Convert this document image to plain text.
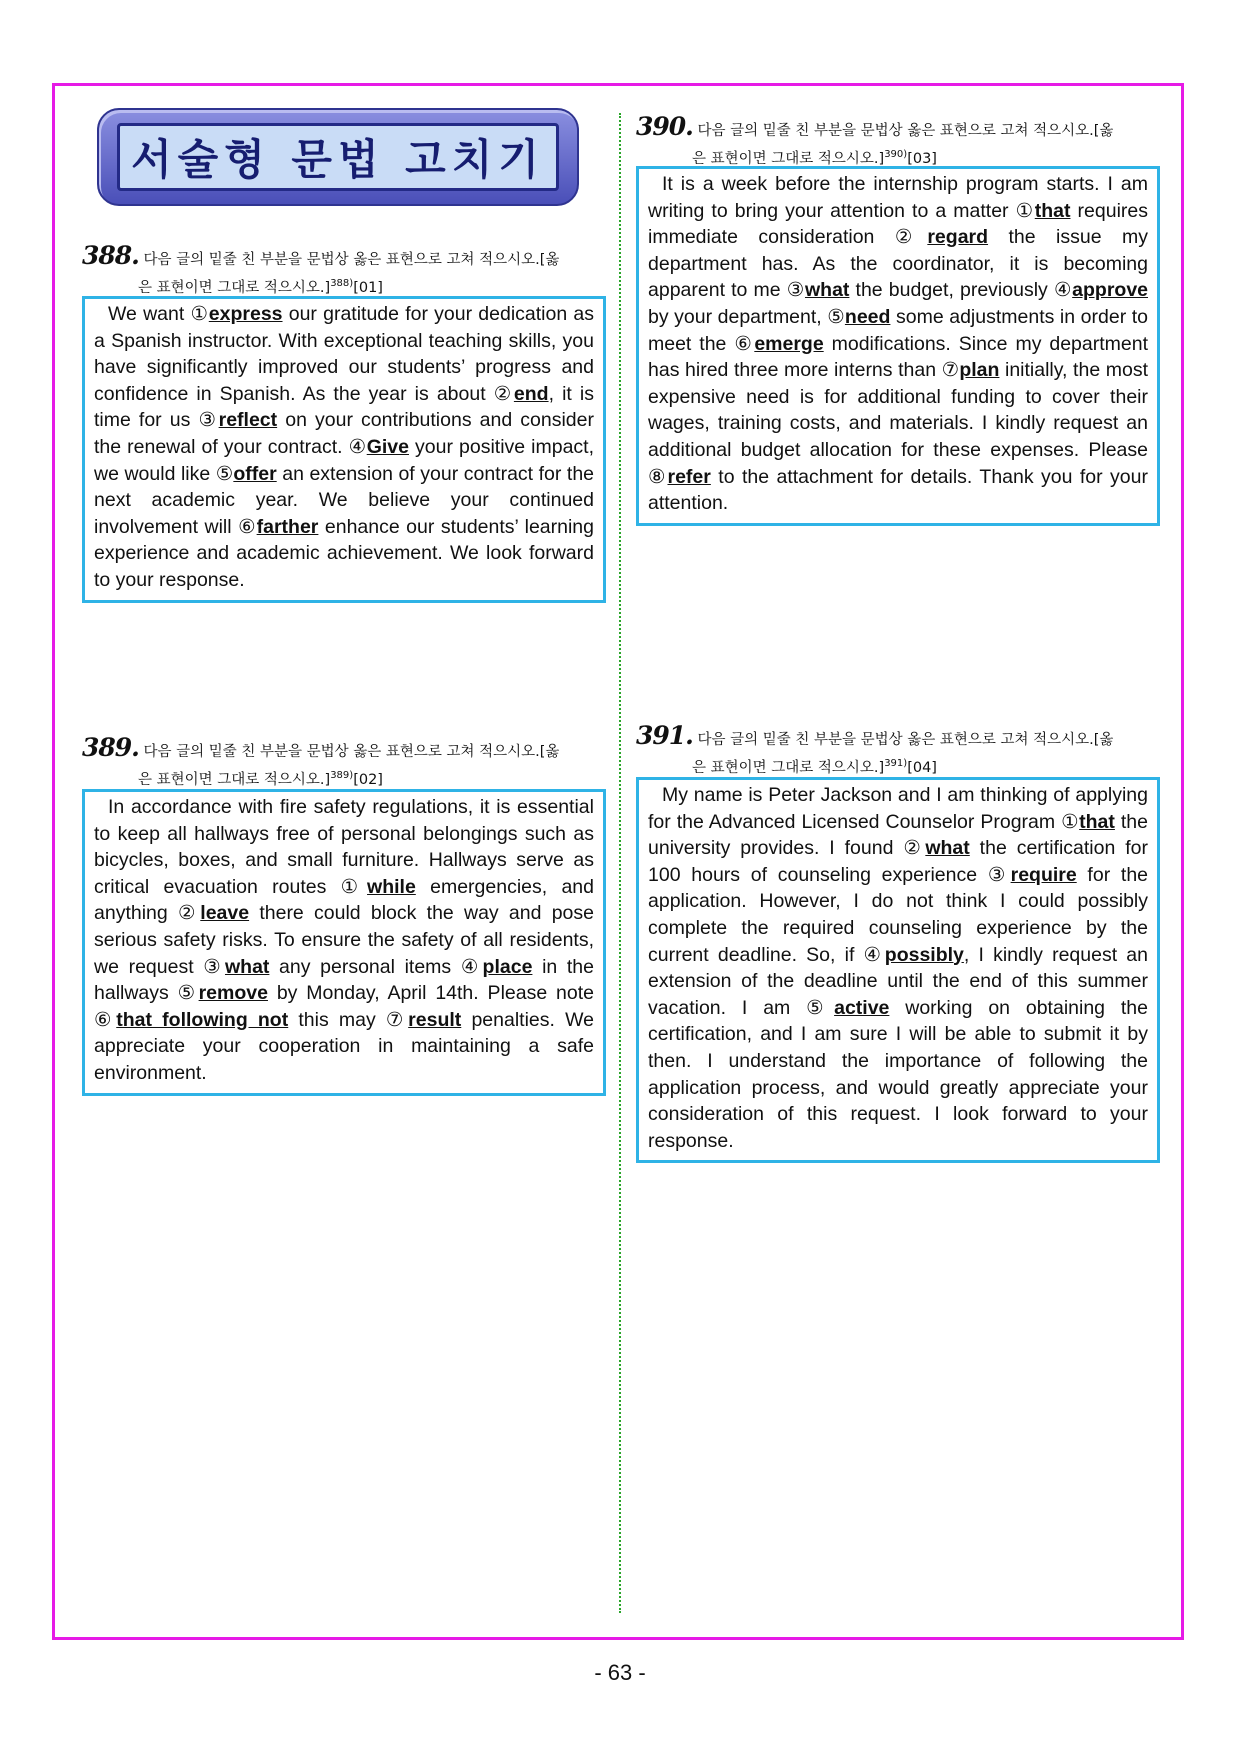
서술형 문법 고치기
388. 다음 글의 밑줄 친 부분을 문법상 옳은 표현으로 고쳐 적으시오.[옳
은 표현이면 그대로 적으시오.]$^{388)}$[01]
We want ①express our gratitude for your dedication as a Spanish instructor. With exceptional teaching skills, you have significantly improved our students’ progress and confidence in Spanish. As the year is about ②end, it is time for us ③reflect on your contributions and consider the renewal of your contract. ④Give your positive impact, we would like ⑤offer an extension of your contract for the next academic year. We believe your continued involvement will ⑥farther enhance our students’ learning experience and academic achievement. We look forward to your response.
389. 다음 글의 밑줄 친 부분을 문법상 옳은 표현으로 고쳐 적으시오.[옳
은 표현이면 그대로 적으시오.]$^{389)}$[02]
In accordance with fire safety regulations, it is essential to keep all hallways free of personal belongings such as bicycles, boxes, and small furniture. Hallways serve as critical evacuation routes ①while emergencies, and anything ②leave there could block the way and pose serious safety risks. To ensure the safety of all residents, we request ③what any personal items ④place in the hallways ⑤remove by Monday, April 14th. Please note ⑥that following not this may ⑦result penalties. We appreciate your cooperation in maintaining a safe environment.
390. 다음 글의 밑줄 친 부분을 문법상 옳은 표현으로 고쳐 적으시오.[옳
은 표현이면 그대로 적으시오.]$^{390)}$[03]
It is a week before the internship program starts. I am writing to bring your attention to a matter ①that requires immediate consideration ②regard the issue my department has. As the coordinator, it is becoming apparent to me ③what the budget, previously ④approve by your department, ⑤need some adjustments in order to meet the ⑥emerge modifications. Since my department has hired three more interns than ⑦plan initially, the most expensive need is for additional funding to cover their wages, training costs, and materials. I kindly request an additional budget allocation for these expenses. Please ⑧refer to the attachment for details. Thank you for your attention.
391. 다음 글의 밑줄 친 부분을 문법상 옳은 표현으로 고쳐 적으시오.[옳
은 표현이면 그대로 적으시오.]$^{391)}$[04]
My name is Peter Jackson and I am thinking of applying for the Advanced Licensed Counselor Program ①that the university provides. I found ②what the certification for 100 hours of counseling experience ③require for the application. However, I do not think I could possibly complete the required counseling experience by the current deadline. So, if ④possibly, I kindly request an extension of the deadline until the end of this summer vacation. I am ⑤active working on obtaining the certification, and I am sure I will be able to submit it by then. I understand the importance of following the application process, and would greatly appreciate your consideration of this request. I look forward to your response.
- 63 -
